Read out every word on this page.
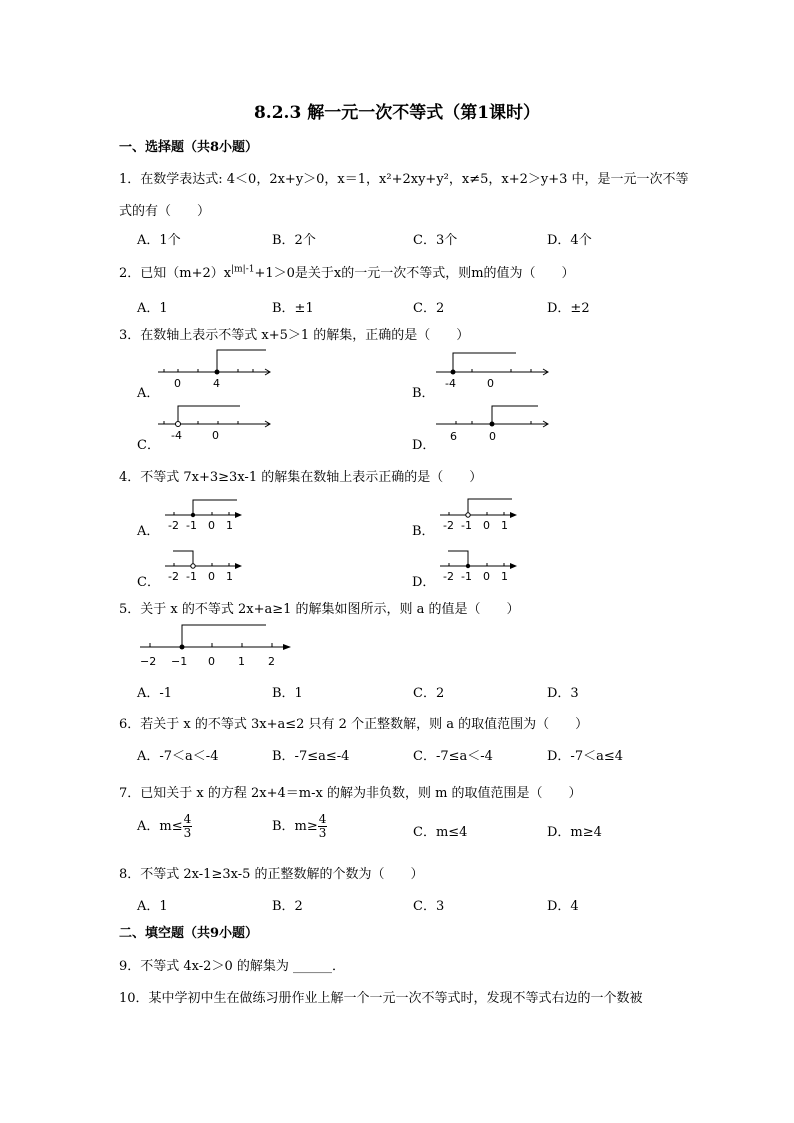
8.2.3 解一元一次不等式（第1课时）
一、选择题（共8小题）
1．在数学表达式: 4＜0，2x+y＞0，x＝1，x²+2xy+y²，x≠5，x+2＞y+3 中，是一元一次不等
式的有（　　）
A．1个	B．2个	C．3个	D．4个
2．已知$(m+2)x^{|m|-1}+1>0$是关于x的一元一次不等式，则m的值为（　　）
A．1	B．±1	C．2	D．±2
3．在数轴上表示不等式 x+5＞1 的解集，正确的是（　　）
A．	B．
C．	D．
0	4	-4	0
-4	0	6	0
4．不等式 7x+3≥3x-1 的解集在数轴上表示正确的是（　　）
A．	B．
C．	D．
-2 -1 0 1	-2 -1 0 1
-2 -1 0 1	-2 -1 0 1
5．关于 x 的不等式 2x+a≥1 的解集如图所示，则 a 的值是（　　）
−2 −1 0 1 2
A．-1	B．1	C．2	D．3
6．若关于 x 的不等式 3x+a≤2 只有 2 个正整数解，则 a 的取值范围为（　　）
A．-7＜a＜-4	B．-7≤a≤-4	C．-7≤a＜-4	D．-7＜a≤4
7．已知关于 x 的方程 2x+4＝m-x 的解为非负数，则 m 的取值范围是（　　）
A．$m\le \frac{4}{3}$	B．$m\ge \frac{4}{3}$	C．m≤4	D．m≥4
8．不等式 2x-1≥3x-5 的正整数解的个数为（　　）
A．1	B．2	C．3	D．4
二、填空题（共9小题）
9．不等式 4x-2＞0 的解集为 ______．
10．某中学初中生在做练习册作业上解一个一元一次不等式时，发现不等式右边的一个数被
